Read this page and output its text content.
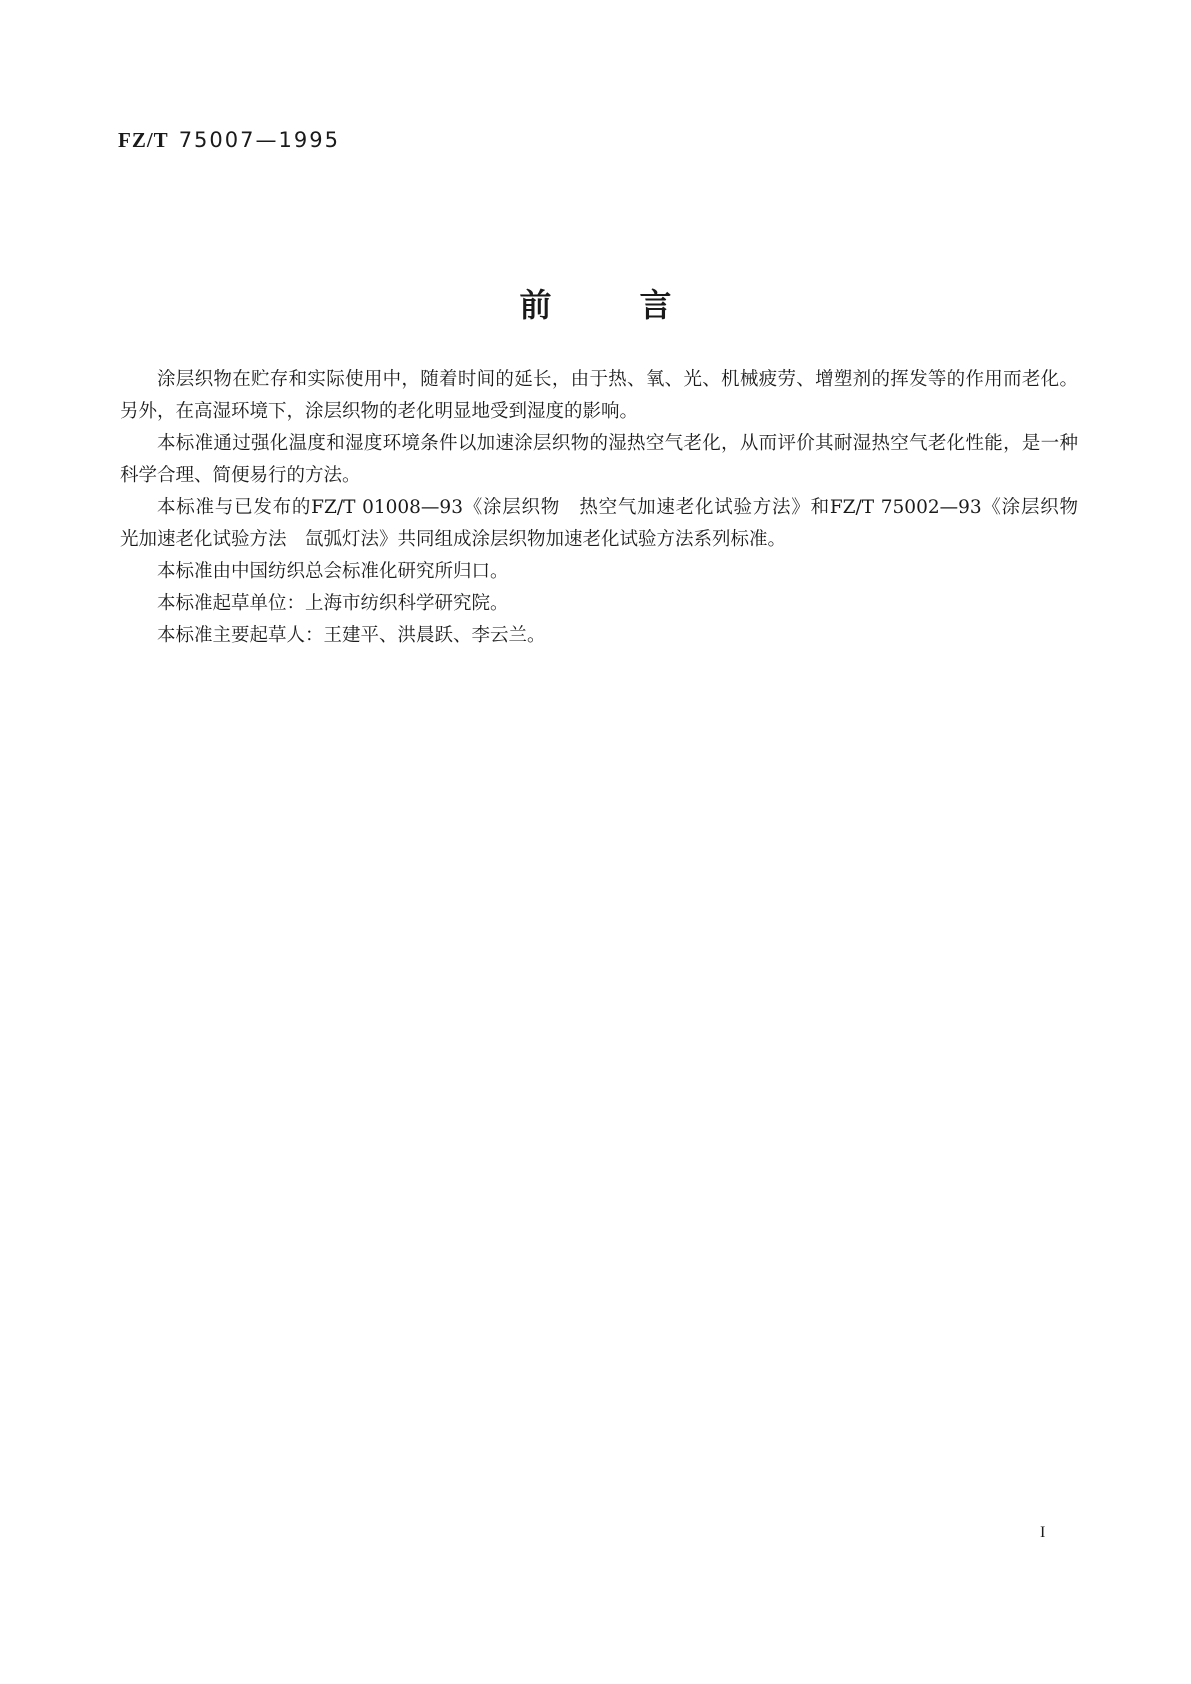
FZ/T 75007—1995
前	言

涂层织物在贮存和实际使用中，随着时间的延长，由于热、氧、光、机械疲劳、增塑剂的挥发等的作用而老化。另外，在高湿环境下，涂层织物的老化明显地受到湿度的影响。

本标准通过强化温度和湿度环境条件以加速涂层织物的湿热空气老化，从而评价其耐湿热空气老化性能，是一种科学合理、简便易行的方法。

本标准与已发布的FZ/T 01008—93《涂层织物　热空气加速老化试验方法》和FZ/T 75002—93《涂层织物　光加速老化试验方法　氙弧灯法》共同组成涂层织物加速老化试验方法系列标准。

本标准由中国纺织总会标准化研究所归口。

本标准起草单位：上海市纺织科学研究院。

本标准主要起草人：王建平、洪晨跃、李云兰。

I
